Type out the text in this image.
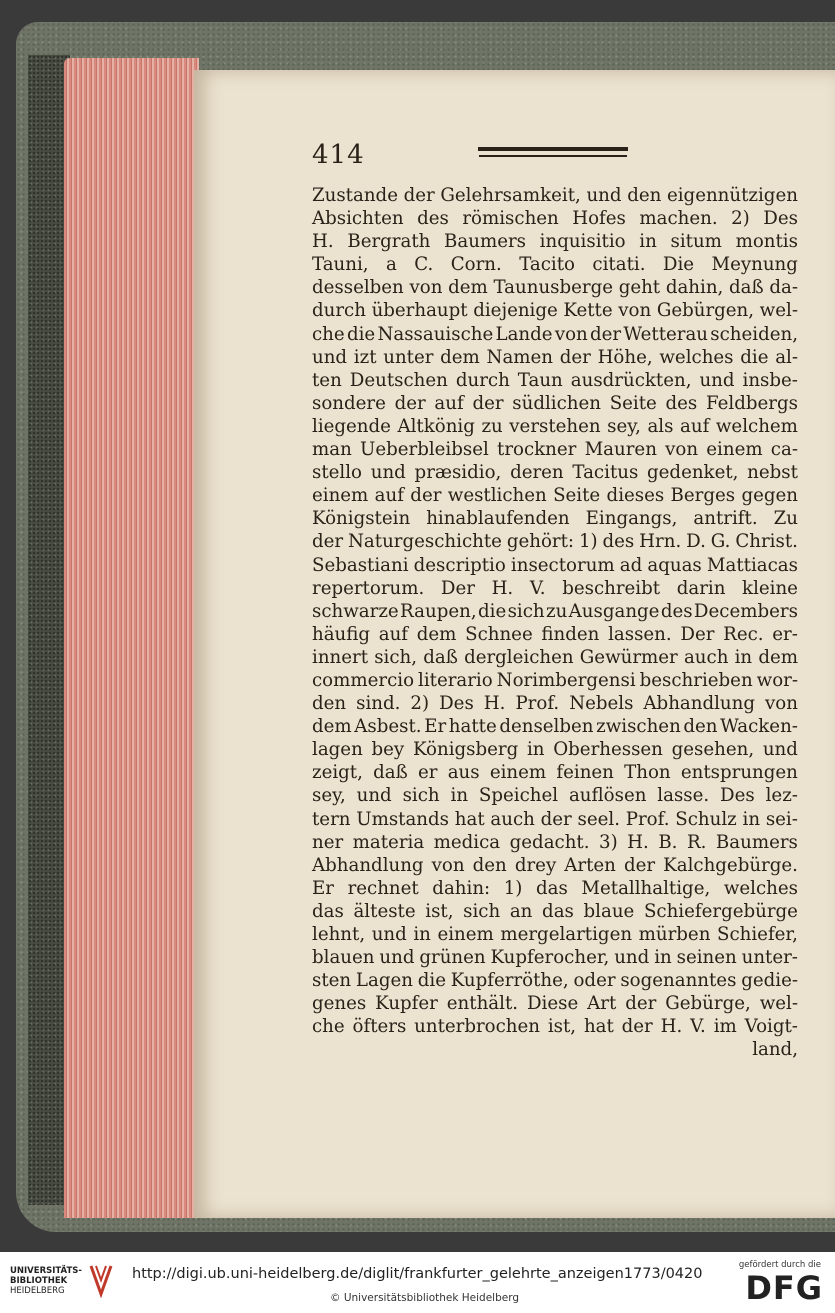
414
Zustande der Gelehrsamkeit, und den eigennützigen
Absichten des römischen Hofes machen. 2) Des
H. Bergrath Baumers inquisitio in situm montis
Tauni, a C. Corn. Tacito citati. Die Meynung
desselben von dem Taunusberge geht dahin, daß da-
durch überhaupt diejenige Kette von Gebürgen, wel-
che die Nassauische Lande von der Wetterau scheiden,
und izt unter dem Namen der Höhe, welches die al-
ten Deutschen durch Taun ausdrückten, und insbe-
sondere der auf der südlichen Seite des Feldbergs
liegende Altkönig zu verstehen sey, als auf welchem
man Ueberbleibsel trockner Mauren von einem ca-
stello und præsidio, deren Tacitus gedenket, nebst
einem auf der westlichen Seite dieses Berges gegen
Königstein hinablaufenden Eingangs, antrift. Zu
der Naturgeschichte gehört: 1) des Hrn. D. G. Christ.
Sebastiani descriptio insectorum ad aquas Mattiacas
repertorum. Der H. V. beschreibt darin kleine
schwarze Raupen, die sich zu Ausgange des Decembers
häufig auf dem Schnee finden lassen. Der Rec. er-
innert sich, daß dergleichen Gewürmer auch in dem
commercio literario Norimbergensi beschrieben wor-
den sind. 2) Des H. Prof. Nebels Abhandlung von
dem Asbest. Er hatte denselben zwischen den Wacken-
lagen bey Königsberg in Oberhessen gesehen, und
zeigt, daß er aus einem feinen Thon entsprungen
sey, und sich in Speichel auflösen lasse. Des lez-
tern Umstands hat auch der seel. Prof. Schulz in sei-
ner materia medica gedacht. 3) H. B. R. Baumers
Abhandlung von den drey Arten der Kalchgebürge.
Er rechnet dahin: 1) das Metallhaltige, welches
das älteste ist, sich an das blaue Schiefergebürge
lehnt, und in einem mergelartigen mürben Schiefer,
blauen und grünen Kupferocher, und in seinen unter-
sten Lagen die Kupferröthe, oder sogenanntes gedie-
genes Kupfer enthält. Diese Art der Gebürge, wel-
che öfters unterbrochen ist, hat der H. V. im Voigt-
land,
UNIVERSITÄTS-
BIBLIOTHEK
HEIDELBERG
http://digi.ub.uni-heidelberg.de/diglit/frankfurter_gelehrte_anzeigen1773/0420
© Universitätsbibliothek Heidelberg
gefördert durch die
DFG
